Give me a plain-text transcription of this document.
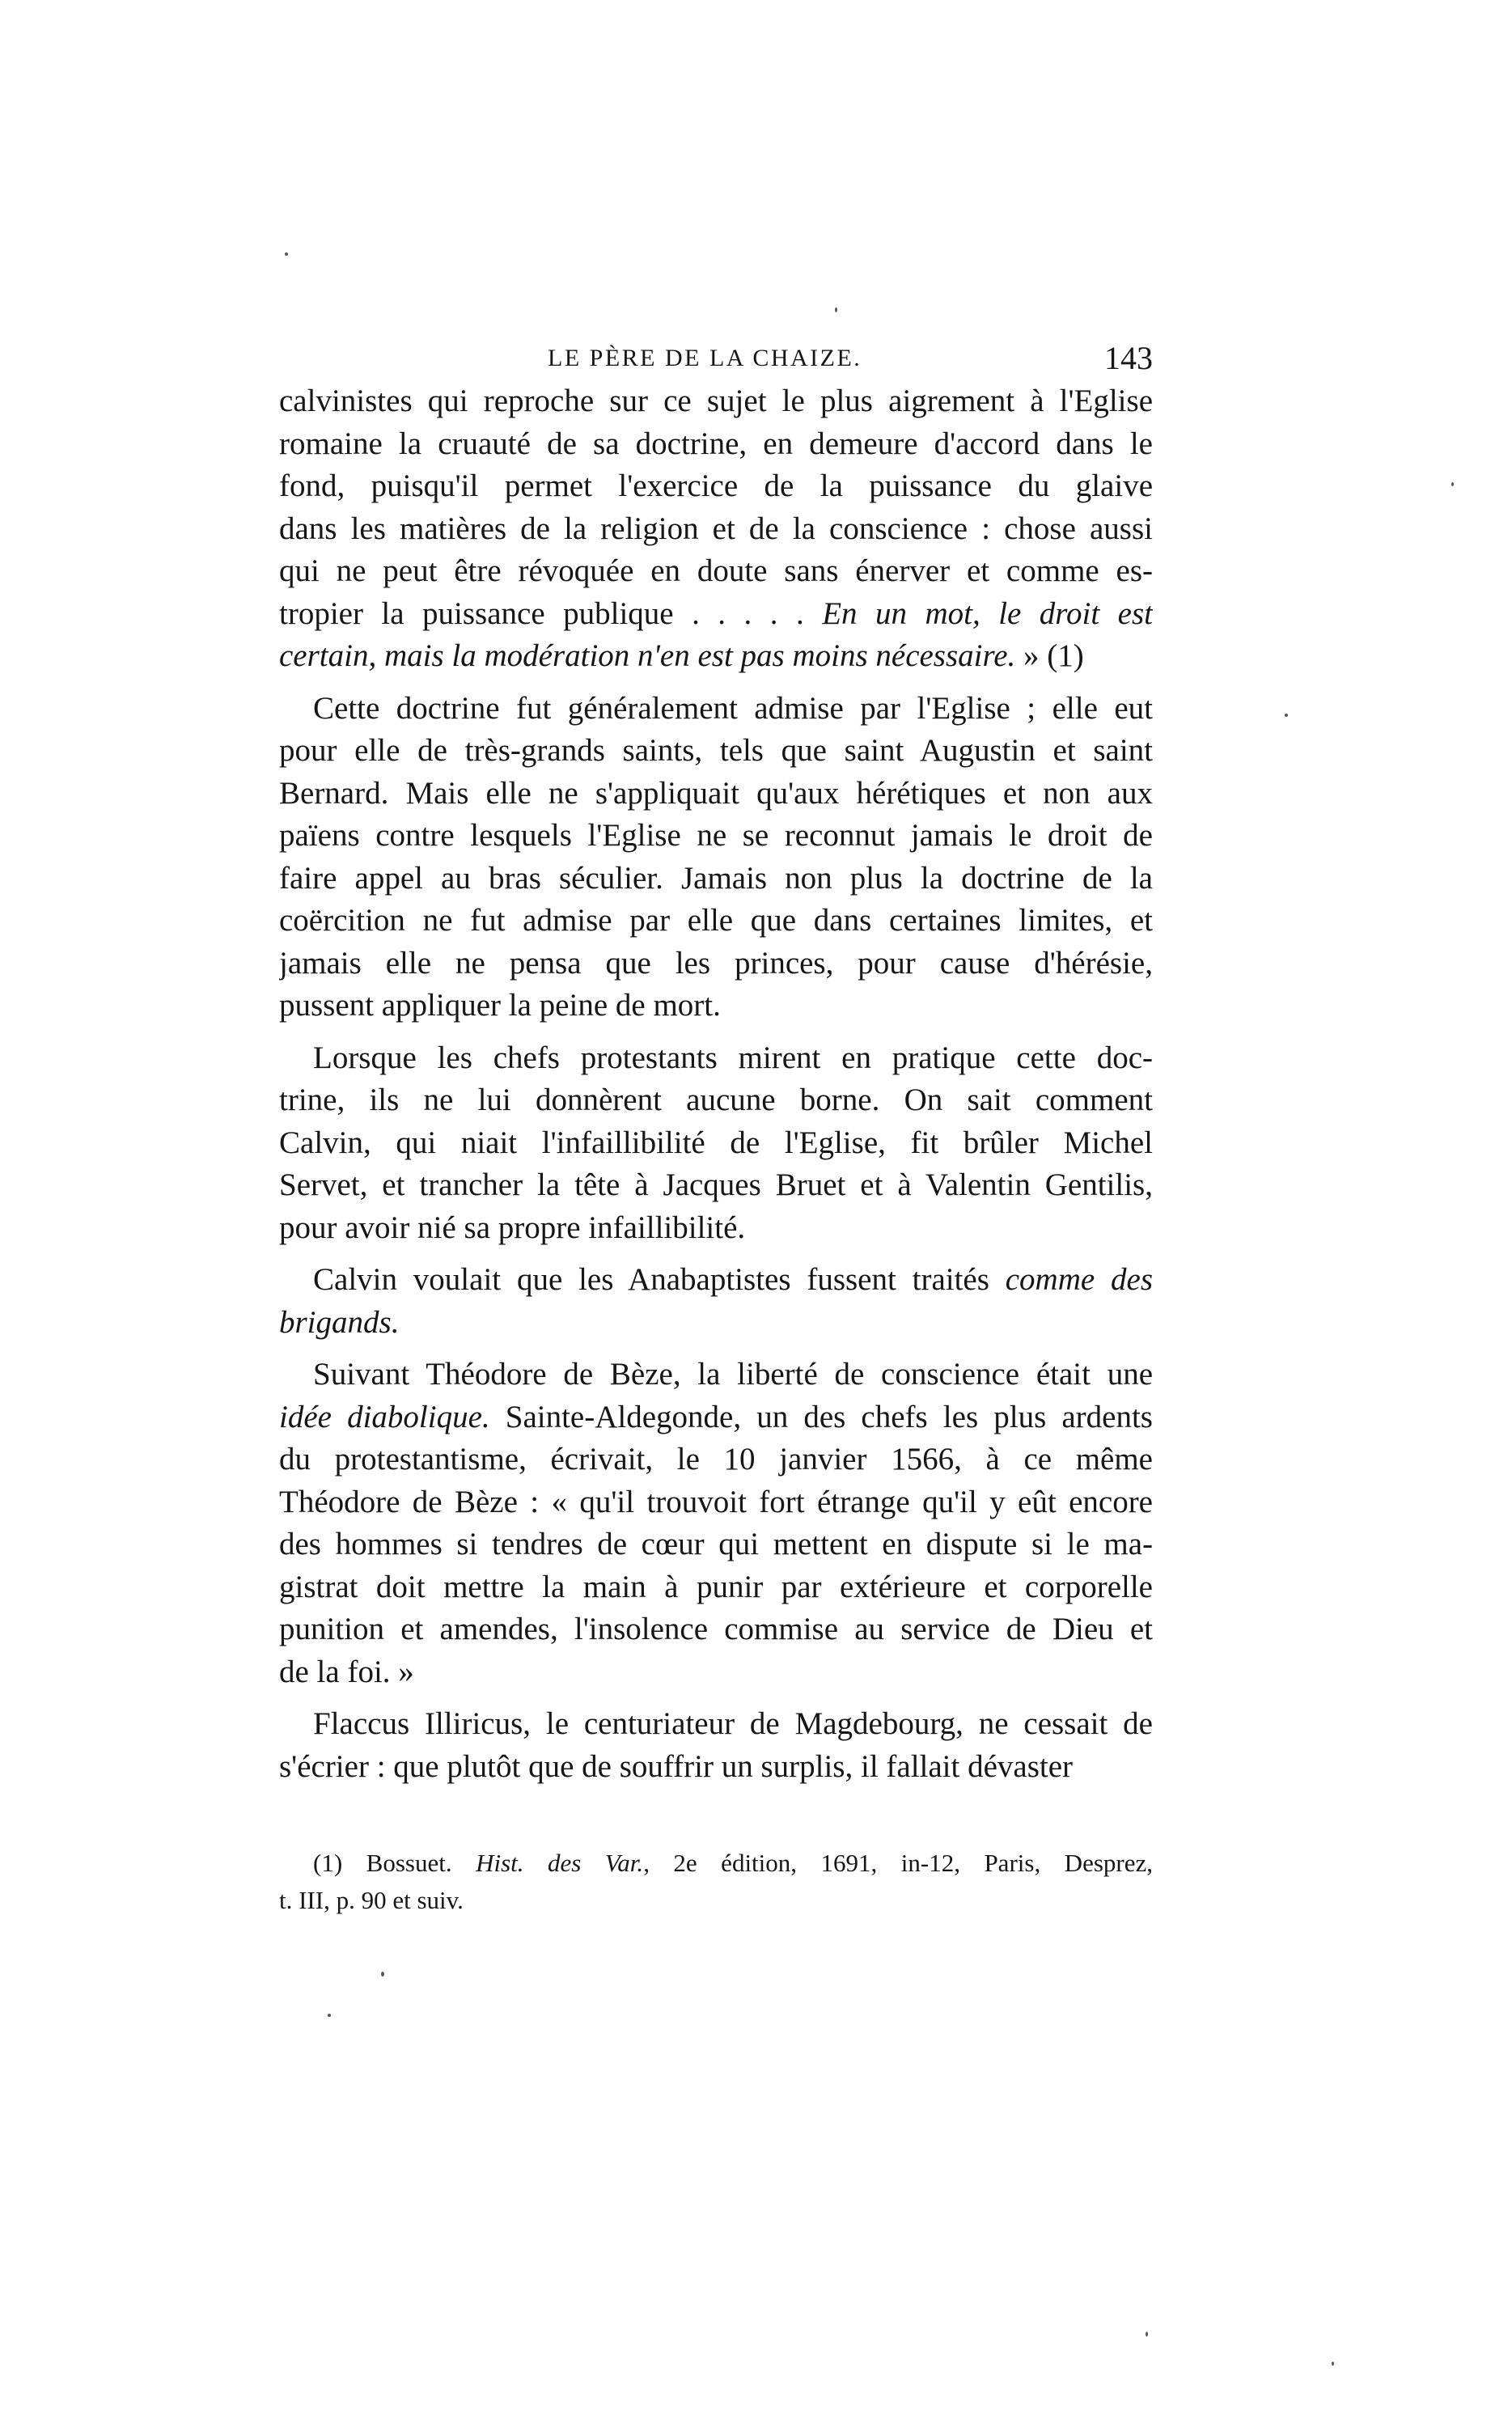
LE PÈRE DE LA CHAIZE.	143
calvinistes qui reproche sur ce sujet le plus aigrement à l'Eglise
romaine la cruauté de sa doctrine, en demeure d'accord dans le
fond, puisqu'il permet l'exercice de la puissance du glaive
dans les matières de la religion et de la conscience : chose aussi
qui ne peut être révoquée en doute sans énerver et comme es-
tropier la puissance publique . . . . . En un mot, le droit est
certain, mais la modération n'en est pas moins nécessaire. » (1)
Cette doctrine fut généralement admise par l'Eglise ; elle eut
pour elle de très-grands saints, tels que saint Augustin et saint
Bernard. Mais elle ne s'appliquait qu'aux hérétiques et non aux
païens contre lesquels l'Eglise ne se reconnut jamais le droit de
faire appel au bras séculier. Jamais non plus la doctrine de la
coërcition ne fut admise par elle que dans certaines limites, et
jamais elle ne pensa que les princes, pour cause d'hérésie,
pussent appliquer la peine de mort.
Lorsque les chefs protestants mirent en pratique cette doc-
trine, ils ne lui donnèrent aucune borne. On sait comment
Calvin, qui niait l'infaillibilité de l'Eglise, fit brûler Michel
Servet, et trancher la tête à Jacques Bruet et à Valentin Gentilis,
pour avoir nié sa propre infaillibilité.
Calvin voulait que les Anabaptistes fussent traités comme des
brigands.
Suivant Théodore de Bèze, la liberté de conscience était une
idée diabolique. Sainte-Aldegonde, un des chefs les plus ardents
du protestantisme, écrivait, le 10 janvier 1566, à ce même
Théodore de Bèze : « qu'il trouvoit fort étrange qu'il y eût encore
des hommes si tendres de cœur qui mettent en dispute si le ma-
gistrat doit mettre la main à punir par extérieure et corporelle
punition et amendes, l'insolence commise au service de Dieu et
de la foi. »
Flaccus Illiricus, le centuriateur de Magdebourg, ne cessait de
s'écrier : que plutôt que de souffrir un surplis, il fallait dévaster
(1) Bossuet. Hist. des Var., 2e édition, 1691, in-12, Paris, Desprez,
t. III, p. 90 et suiv.
